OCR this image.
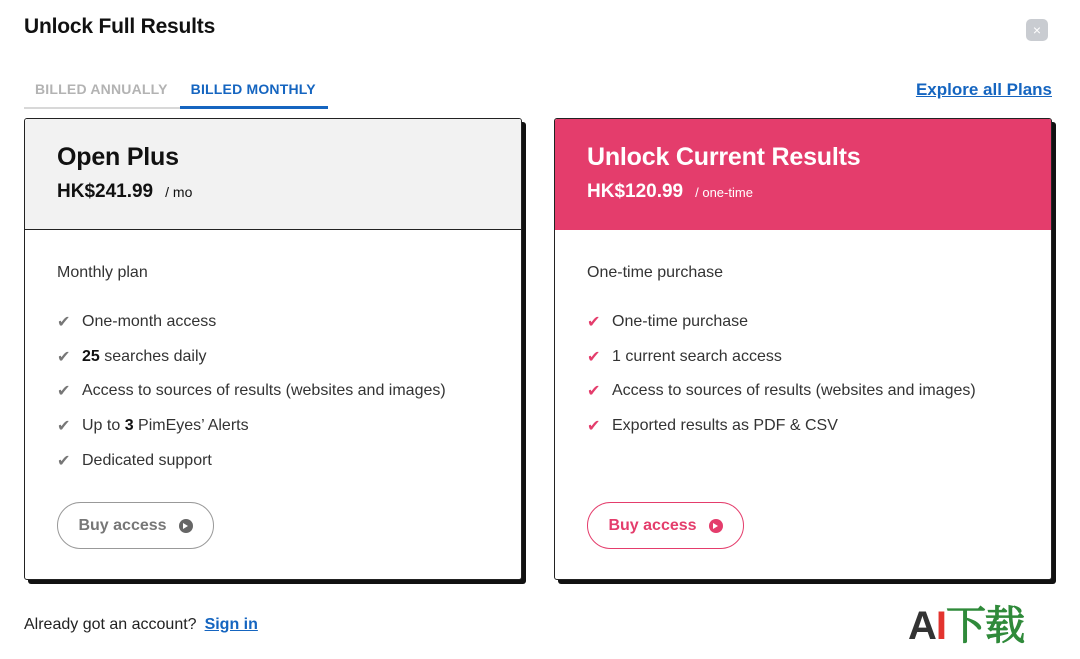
Unlock Full Results	×
BILLED ANNUALLY	BILLED MONTHLY	Explore all Plans
Open Plus
HK$241.99 / mo
Monthly plan
✔ One-month access
✔ 25 searches daily
✔ Access to sources of results (websites and images)
✔ Up to 3 PimEyes’ Alerts
✔ Dedicated support
Buy access
Unlock Current Results
HK$120.99 / one-time
One-time purchase
✔ One-time purchase
✔ 1 current search access
✔ Access to sources of results (websites and images)
✔ Exported results as PDF & CSV
Buy access
Already got an account? Sign in	AI下载
